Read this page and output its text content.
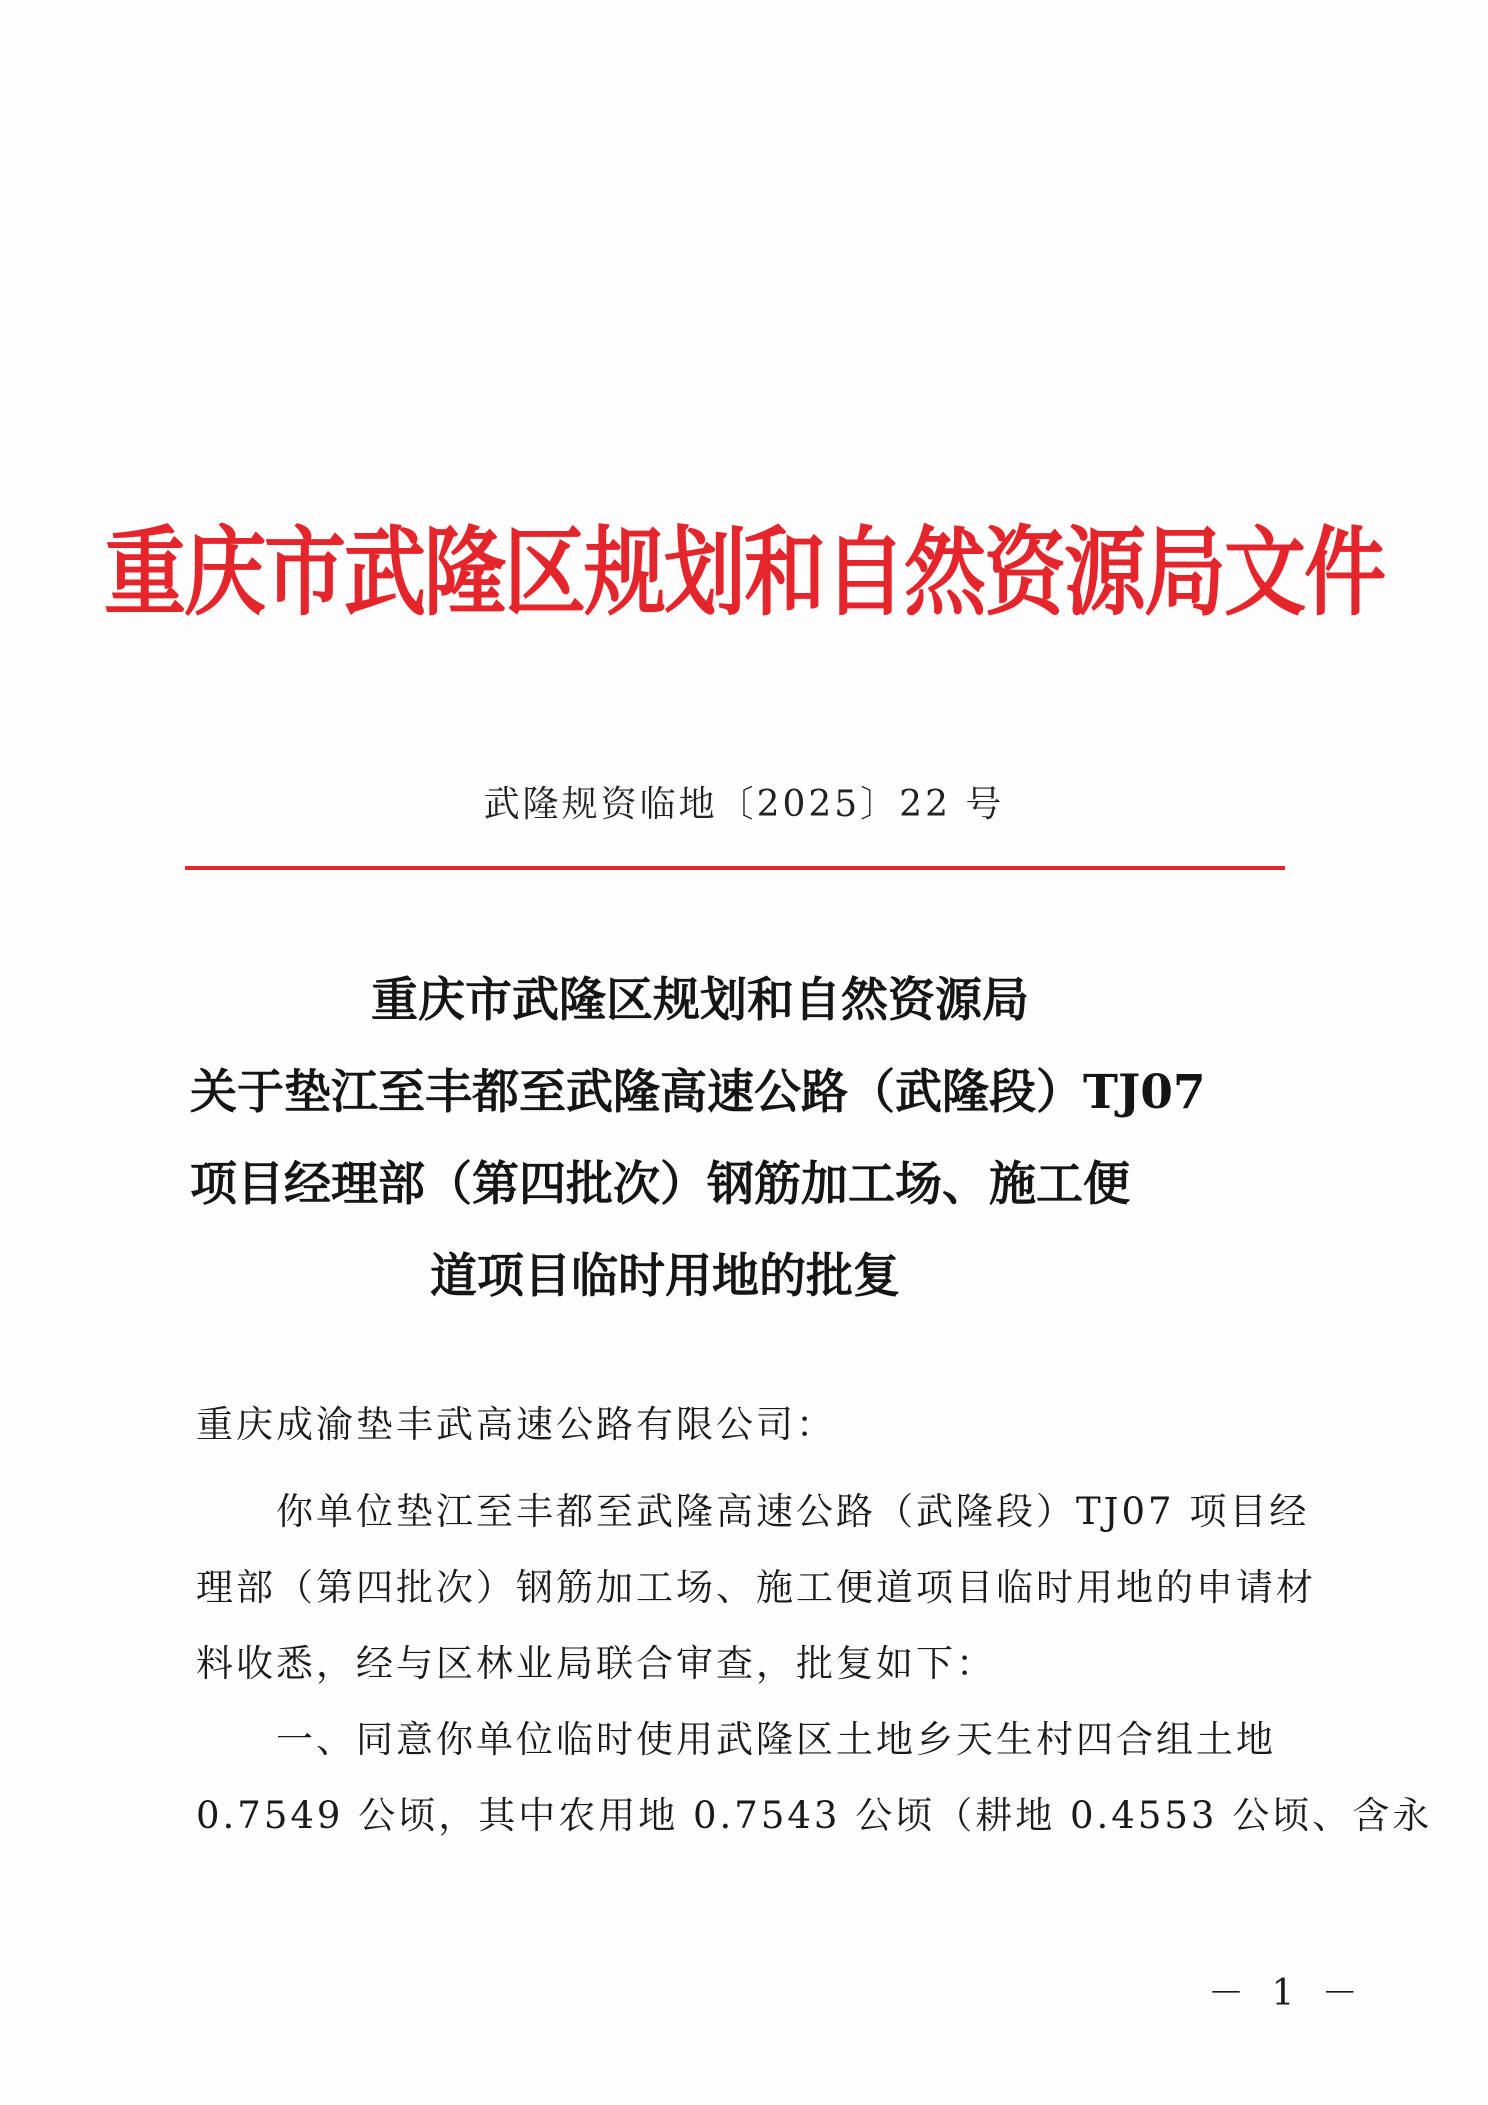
重庆市武隆区规划和自然资源局文件
武隆规资临地〔2025〕22 号
重庆市武隆区规划和自然资源局
关于垫江至丰都至武隆高速公路（武隆段）TJ07
项目经理部（第四批次）钢筋加工场、施工便
道项目临时用地的批复
重庆成渝垫丰武高速公路有限公司：
你单位垫江至丰都至武隆高速公路（武隆段）TJ07 项目经
理部（第四批次）钢筋加工场、施工便道项目临时用地的申请材
料收悉，经与区林业局联合审查，批复如下：
一、同意你单位临时使用武隆区土地乡天生村四合组土地
0.7549 公顷，其中农用地 0.7543 公顷（耕地 0.4553 公顷、含永
－ 1 －
